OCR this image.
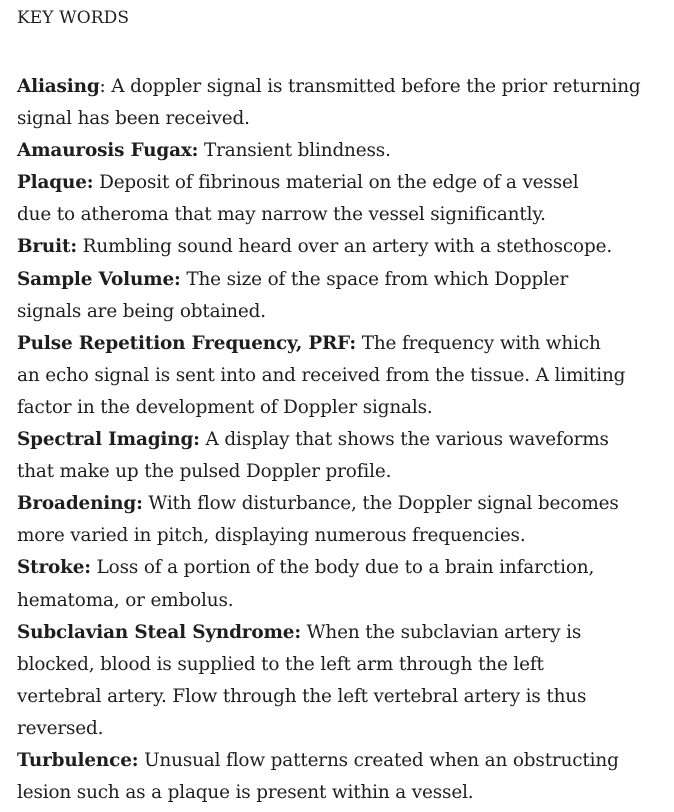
KEY WORDS

Aliasing: A doppler signal is transmitted before the prior returning
signal has been received.
Amaurosis Fugax: Transient blindness.
Plaque: Deposit of fibrinous material on the edge of a vessel
due to atheroma that may narrow the vessel significantly.
Bruit: Rumbling sound heard over an artery with a stethoscope.
Sample Volume: The size of the space from which Doppler
signals are being obtained.
Pulse Repetition Frequency, PRF: The frequency with which
an echo signal is sent into and received from the tissue. A limiting
factor in the development of Doppler signals.
Spectral Imaging: A display that shows the various waveforms
that make up the pulsed Doppler profile.
Broadening: With flow disturbance, the Doppler signal becomes
more varied in pitch, displaying numerous frequencies.
Stroke: Loss of a portion of the body due to a brain infarction,
hematoma, or embolus.
Subclavian Steal Syndrome: When the subclavian artery is
blocked, blood is supplied to the left arm through the left
vertebral artery. Flow through the left vertebral artery is thus
reversed.
Turbulence: Unusual flow patterns created when an obstructing
lesion such as a plaque is present within a vessel.
